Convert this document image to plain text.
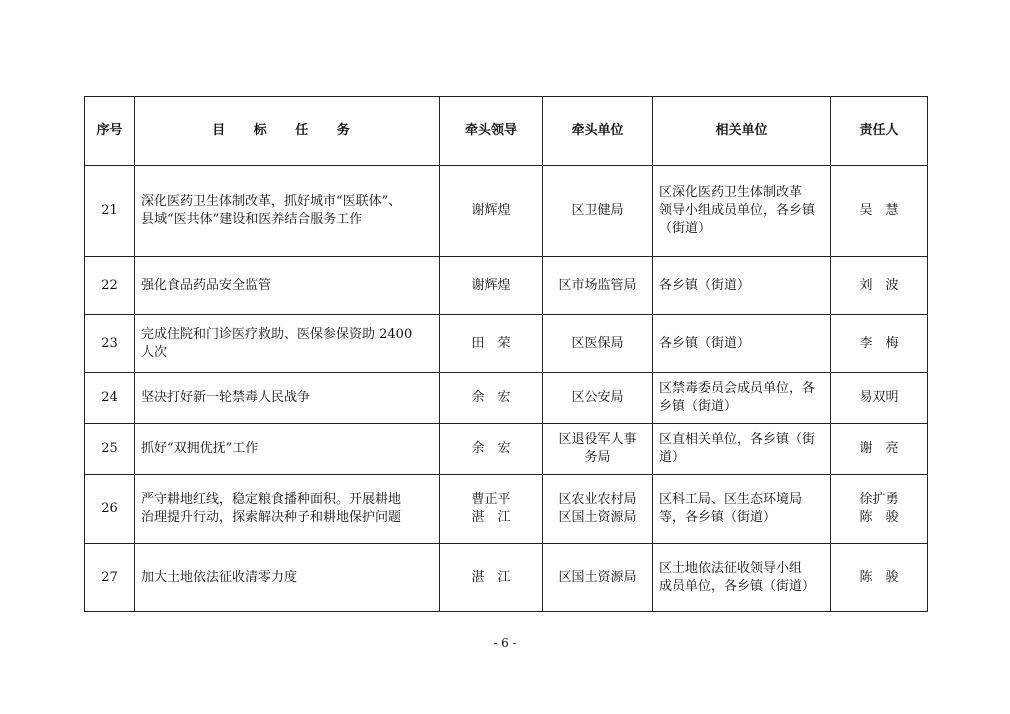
序号	目 标 任 务	牵头领导	牵头单位	相关单位	责任人
21	深化医药卫生体制改革，抓好城市“医联体”、
县域“医共体”建设和医养结合服务工作	谢辉煌	区卫健局	区深化医药卫生体制改革
领导小组成员单位，各乡镇
（街道）	吴　慧

22	强化食品药品安全监管	谢辉煌	区市场监管局	各乡镇（街道）	刘　波

23	完成住院和门诊医疗救助、医保参保资助 2400
人次	田　荣	区医保局	各乡镇（街道）	李　梅

24	坚决打好新一轮禁毒人民战争	余　宏	区公安局	区禁毒委员会成员单位，各
乡镇（街道）	易双明

25	抓好“双拥优抚”工作	余　宏	区退役军人事
务局	区直相关单位，各乡镇（街
道）	谢　亮

26	严守耕地红线，稳定粮食播种面积。开展耕地
治理提升行动，探索解决种子和耕地保护问题	曹正平
湛　江	区农业农村局
区国土资源局	区科工局、区生态环境局
等，各乡镇（街道）	徐扩勇
陈　骏

27	加大土地依法征收清零力度	湛　江	区国土资源局	区土地依法征收领导小组
成员单位，各乡镇（街道）	陈　骏
- 6 -
